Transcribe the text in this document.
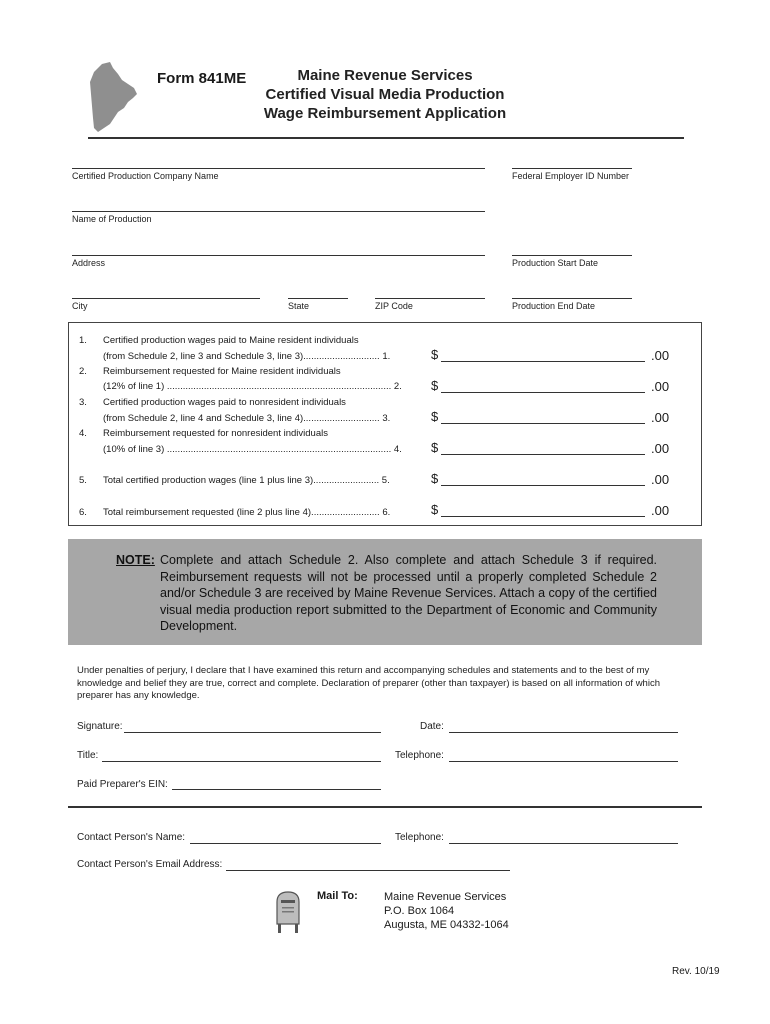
Form 841ME	Maine Revenue Services
Certified Visual Media Production
Wage Reimbursement Application
Certified Production Company Name	Federal Employer ID Number
Name of Production
Address	Production Start Date
City	State	ZIP Code	Production End Date
1. Certified production wages paid to Maine resident individuals
(from Schedule 2, line 3 and Schedule 3, line 3)............................. 1.	$	.00
2. Reimbursement requested for Maine resident individuals
(12% of line 1) ..................................................................................... 2. $	.00
3. Certified production wages paid to nonresident individuals
(from Schedule 2, line 4 and Schedule 3, line 4)............................. 3.	$	.00
4. Reimbursement requested for nonresident individuals
(10% of line 3) ..................................................................................... 4. $	.00
5. Total certified production wages (line 1 plus line 3)......................... 5.	$	.00
6. Total reimbursement requested (line 2 plus line 4).......................... 6.	$	.00
NOTE: Complete and attach Schedule 2. Also complete and attach Schedule 3 if required. Reimbursement requests will not be processed until a properly completed Schedule 2 and/or Schedule 3 are received by Maine Revenue Services. Attach a copy of the certified visual media production report submitted to the Department of Economic and Community Development.
Under penalties of perjury, I declare that I have examined this return and accompanying schedules and statements and to the best of my knowledge and belief they are true, correct and complete. Declaration of preparer (other than taxpayer) is based on all information of which preparer has any knowledge.
Signature:	Date:
Title:	Telephone:
Paid Preparer's EIN:
Contact Person's Name:	Telephone:
Contact Person's Email Address:
Mail To: Maine Revenue Services
P.O. Box 1064
Augusta, ME 04332-1064
Rev. 10/19
